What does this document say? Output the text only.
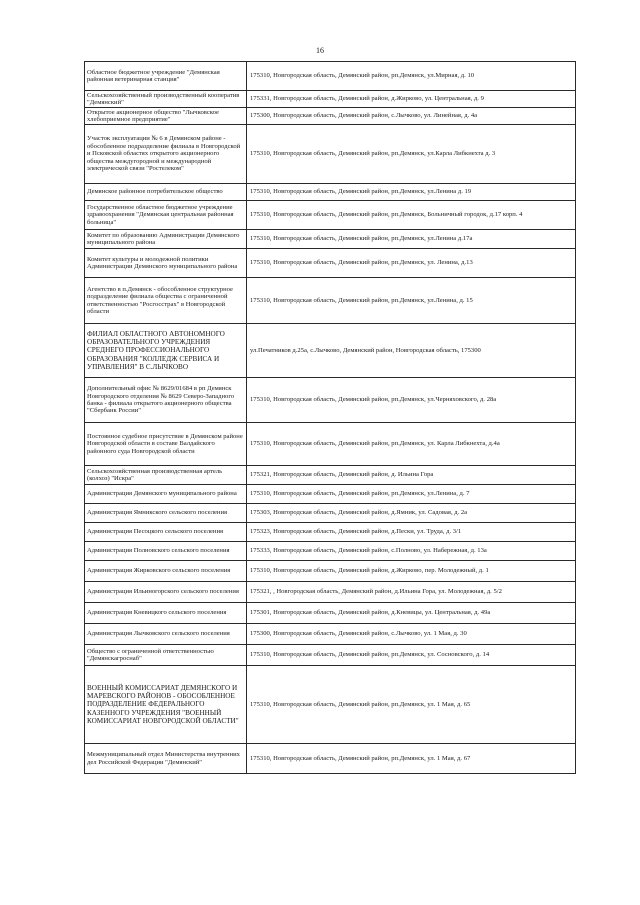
16
Областное бюджетное учреждение "Демянская районная ветеринарная станция"	175310, Новгородская область, Демянский район, рп.Демянск, ул.Мирная, д. 10
Сельскохозяйственный производственный кооператив "Демянский"	175331, Новгородская область, Демянский район, д.Жирково, ул. Центральная, д. 9
Открытое акционерное общество "Лычковское хлебоприемное предприятие"	175300, Новгородская область, Демянский район, с.Лычково, ул. Линейная, д. 4а
Участок эксплуатации № 6 в Демянском районе - обособленное подразделение филиала в Новгородской и Псковской областях открытого акционерного общества междугородной и международной электрической связи "Ростелеком"	175310, Новгородская область, Демянский район, рп.Демянск, ул.Карла Либкнехта д. 3
Демянское районное потребительское общество	175310, Новгородская область, Демянский район, рп.Демянск, ул.Ленина д. 19
Государственное областное бюджетное учреждение здравоохранения "Демянская центральная районная больница"	175310, Новгородская область, Демянский район, рп.Демянск, Больничный городок, д.17 корп. 4
Комитет по образованию Администрации Демянского муниципального района	175310, Новгородская область, Демянский район, рп.Демянск, ул.Ленина д.17а
Комитет культуры и молодежной политики Администрации Демянского муниципального района	175310, Новгородская область, Демянский район, рп.Демянск, ул. Ленина, д.13
Агентство в п.Демянск - обособленное структурное подразделение филиала общества с ограниченной ответственностью "Росгосстрах" в Новгородской области	175310, Новгородская область, Демянский район, рп.Демянск, ул.Ленина, д. 15
ФИЛИАЛ ОБЛАСТНОГО АВТОНОМНОГО ОБРАЗОВАТЕЛЬНОГО УЧРЕЖДЕНИЯ СРЕДНЕГО ПРОФЕССИОНАЛЬНОГО ОБРАЗОВАНИЯ "КОЛЛЕДЖ СЕРВИСА И УПРАВЛЕНИЯ" В С.ЛЫЧКОВО	ул.Печатников д.25а, с.Лычково, Демянский район, Новгородская область, 175300
Дополнительный офис № 8629/01684 в рп Демянск Новгородского отделения № 8629 Северо-Западного банка - филиала открытого акционерного общества "Сбербанк России"	175310, Новгородская область, Демянский район, рп.Демянск, ул.Черняховского, д. 28а
Постоянное судебное присутствие в Демянском районе Новгородской области в составе Валдайского районного суда Новгородской области	175310, Новгородская область, Демянский район, рп.Демянск, ул. Карла Либкнехта, д.4а
Сельскохозяйственная производственная артель (колхоз) "Искра"	175321, Новгородская область, Демянский район, д. Ильина Гора
Администрация Демянского муниципального района	175310, Новгородская область, Демянский район, рп.Демянск, ул.Ленина, д. 7
Администрация Ямникского сельского поселения	175303, Новгородская область, Демянский район, д.Ямник, ул. Садовая, д. 2а
Администрация Песоцкого сельского поселения	175323, Новгородская область, Демянский район, д.Пески, ул. Труда, д. 3/1
Администрация Полновского сельского поселения	175333, Новгородская область, Демянский район, с.Полново, ул. Набережная, д. 13а
Администрация Жирковского сельского поселения	175310, Новгородская область, Демянский район, д.Жирково, пер. Молодежный, д. 1
Администрация Ильиногорского сельского поселения	175321, , Новгородская область, Демянский район, д.Ильина Гора, ул. Молодежная, д. 5/2
Администрация Кневицкого сельского поселения	175301, Новгородская область, Демянский район, д.Кневицы, ул. Центральная, д. 49а
Администрация Лычковского сельского поселения	175300, Новгородская область, Демянский район, с.Лычково, ул. 1 Мая, д. 30
Общество с ограниченной ответственностью "Демянскагроснаб"	175310, Новгородская область, Демянский район, рп.Демянск, ул. Сосновского, д. 14
ВОЕННЫЙ КОМИССАРИАТ ДЕМЯНСКОГО И МАРЕВСКОГО РАЙОНОВ - ОБОСОБЛЕННОЕ ПОДРАЗДЕЛЕНИЕ ФЕДЕРАЛЬНОГО КАЗЕННОГО УЧРЕЖДЕНИЯ "ВОЕННЫЙ КОМИССАРИАТ НОВГОРОДСКОЙ ОБЛАСТИ"	175310, Новгородская область, Демянский район, рп.Демянск, ул. 1 Мая, д. 65
Межмуниципальный отдел Министерства внутренних дел Российской Федерации "Демянский"	175310, Новгородская область, Демянский район, рп.Демянск, ул. 1 Мая, д. 67
